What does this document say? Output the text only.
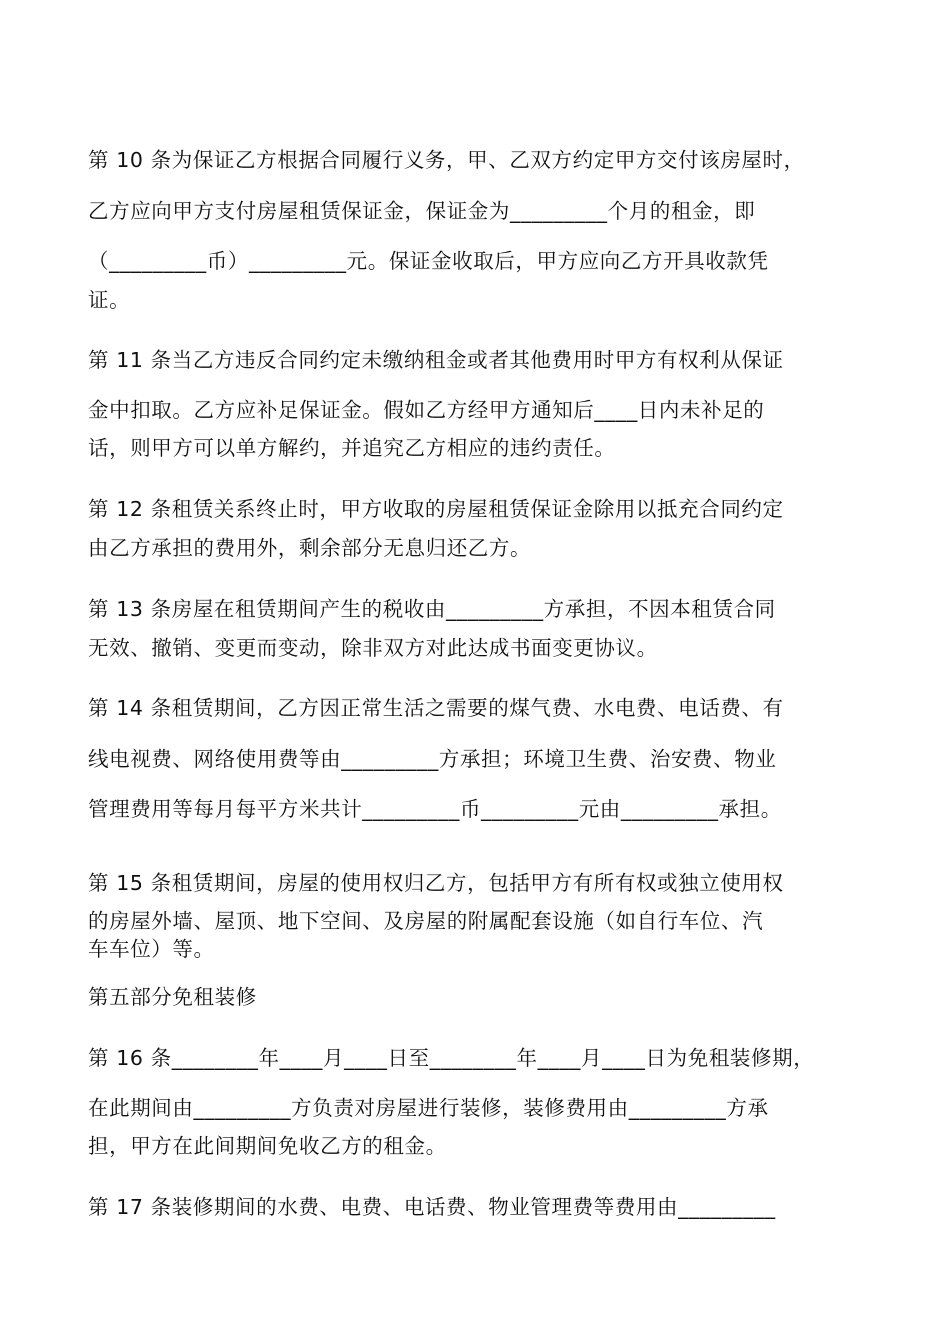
第 10 条为保证乙方根据合同履行义务，甲、乙双方约定甲方交付该房屋时，
乙方应向甲方支付房屋租赁保证金，保证金为_________个月的租金，即
（_________币）_________元。保证金收取后，甲方应向乙方开具收款凭
证。
第 11 条当乙方违反合同约定未缴纳租金或者其他费用时甲方有权利从保证
金中扣取。乙方应补足保证金。假如乙方经甲方通知后____日内未补足的
话，则甲方可以单方解约，并追究乙方相应的违约责任。
第 12 条租赁关系终止时，甲方收取的房屋租赁保证金除用以抵充合同约定
由乙方承担的费用外，剩余部分无息归还乙方。
第 13 条房屋在租赁期间产生的税收由_________方承担，不因本租赁合同
无效、撤销、变更而变动，除非双方对此达成书面变更协议。
第 14 条租赁期间，乙方因正常生活之需要的煤气费、水电费、电话费、有
线电视费、网络使用费等由_________方承担；环境卫生费、治安费、物业
管理费用等每月每平方米共计_________币_________元由_________承担。
第 15 条租赁期间，房屋的使用权归乙方，包括甲方有所有权或独立使用权
的房屋外墙、屋顶、地下空间、及房屋的附属配套设施（如自行车位、汽
车车位）等。
第五部分免租装修
第 16 条________年____月____日至________年____月____日为免租装修期，
在此期间由_________方负责对房屋进行装修，装修费用由_________方承
担，甲方在此间期间免收乙方的租金。
第 17 条装修期间的水费、电费、电话费、物业管理费等费用由_________
